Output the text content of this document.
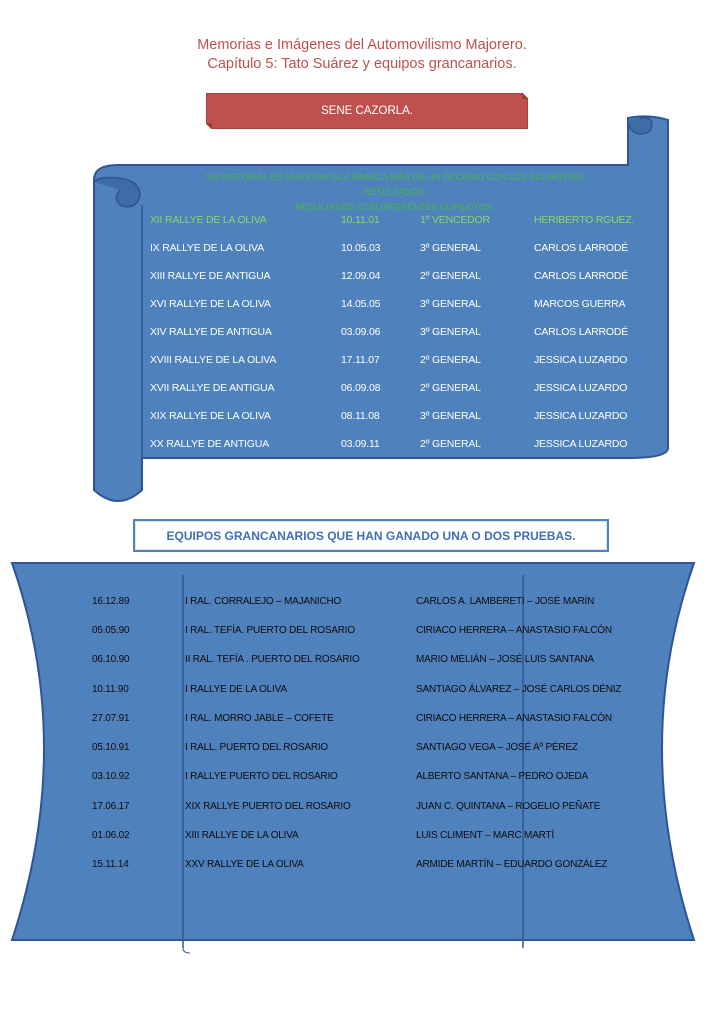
Memorias e Imágenes del Automovilismo Majorero.
Capítulo 5: Tato Suárez y equipos grancanarios.
SENE CAZORLA.
SU HISTORIAL EN NUESTRA ISLA ABARCA MÁS DE UN DECENIO CON LOS SIGUIENTES RESULTADOS:
RESULTADOS CON DIFERENTES COPILOTOS.
XII RALLYE DE LA OLIVA	10.11.01	1º VENCEDOR	HERIBERTO RGUEZ.
IX RALLYE DE LA OLIVA	10.05.03	3º GENERAL	CARLOS LARRODÉ
XIII RALLYE DE ANTIGUA	12.09.04	2º GENERAL	CARLOS LARRODÉ
XVI RALLYE DE LA OLIVA	14.05.05	3º GENERAL	MARCOS GUERRA
XIV RALLYE DE ANTIGUA	03.09.06	3º GENERAL	CARLOS LARRODÉ
XVIII RALLYE DE LA OLIVA	17.11.07	2º GENERAL	JESSICA LUZARDO
XVII RALLYE DE ANTIGUA	06.09.08	2º GENERAL	JESSICA LUZARDO
XIX RALLYE DE LA OLIVA	08.11.08	3º GENERAL	JESSICA LUZARDO
XX RALLYE DE ANTIGUA	03.09.11	2º GENERAL	JESSICA LUZARDO
EQUIPOS GRANCANARIOS QUE HAN GANADO UNA O DOS PRUEBAS.
16.12.89	I RAL. CORRALEJO – MAJANICHO	CARLOS A. LAMBERETI – JOSÉ MARÍN
05.05.90	I RAL. TEFÍA. PUERTO DEL ROSARIO	CIRIACO HERRERA – ANASTASIO FALCÓN
06.10.90	II RAL. TEFÍA . PUERTO DEL ROSARIO	MARIO MELIÁN – JOSÉ LUIS SANTANA
10.11.90	I RALLYE DE LA OLIVA	SANTIAGO ÁLVAREZ – JOSÉ CARLOS DÉNIZ
27.07.91	I RAL. MORRO JABLE – COFETE	CIRIACO HERRERA – ANASTASIO FALCÓN
05.10.91	I RALL. PUERTO DEL ROSARIO	SANTIAGO VEGA – JOSÉ Aº PÉREZ
03.10.92	I RALLYE PUERTO DEL ROSARIO	ALBERTO SANTANA – PEDRO OJEDA
17.06.17	XIX RALLYE PUERTO DEL ROSARIO	JUAN C. QUINTANA – ROGELIO PEÑATE
01.06.02	XIII RALLYE DE LA OLIVA	LUIS CLIMENT – MARC MARTÍ
15.11.14	XXV RALLYE DE LA OLIVA	ARMIDE MARTÍN – EDUARDO GONZÁLEZ
